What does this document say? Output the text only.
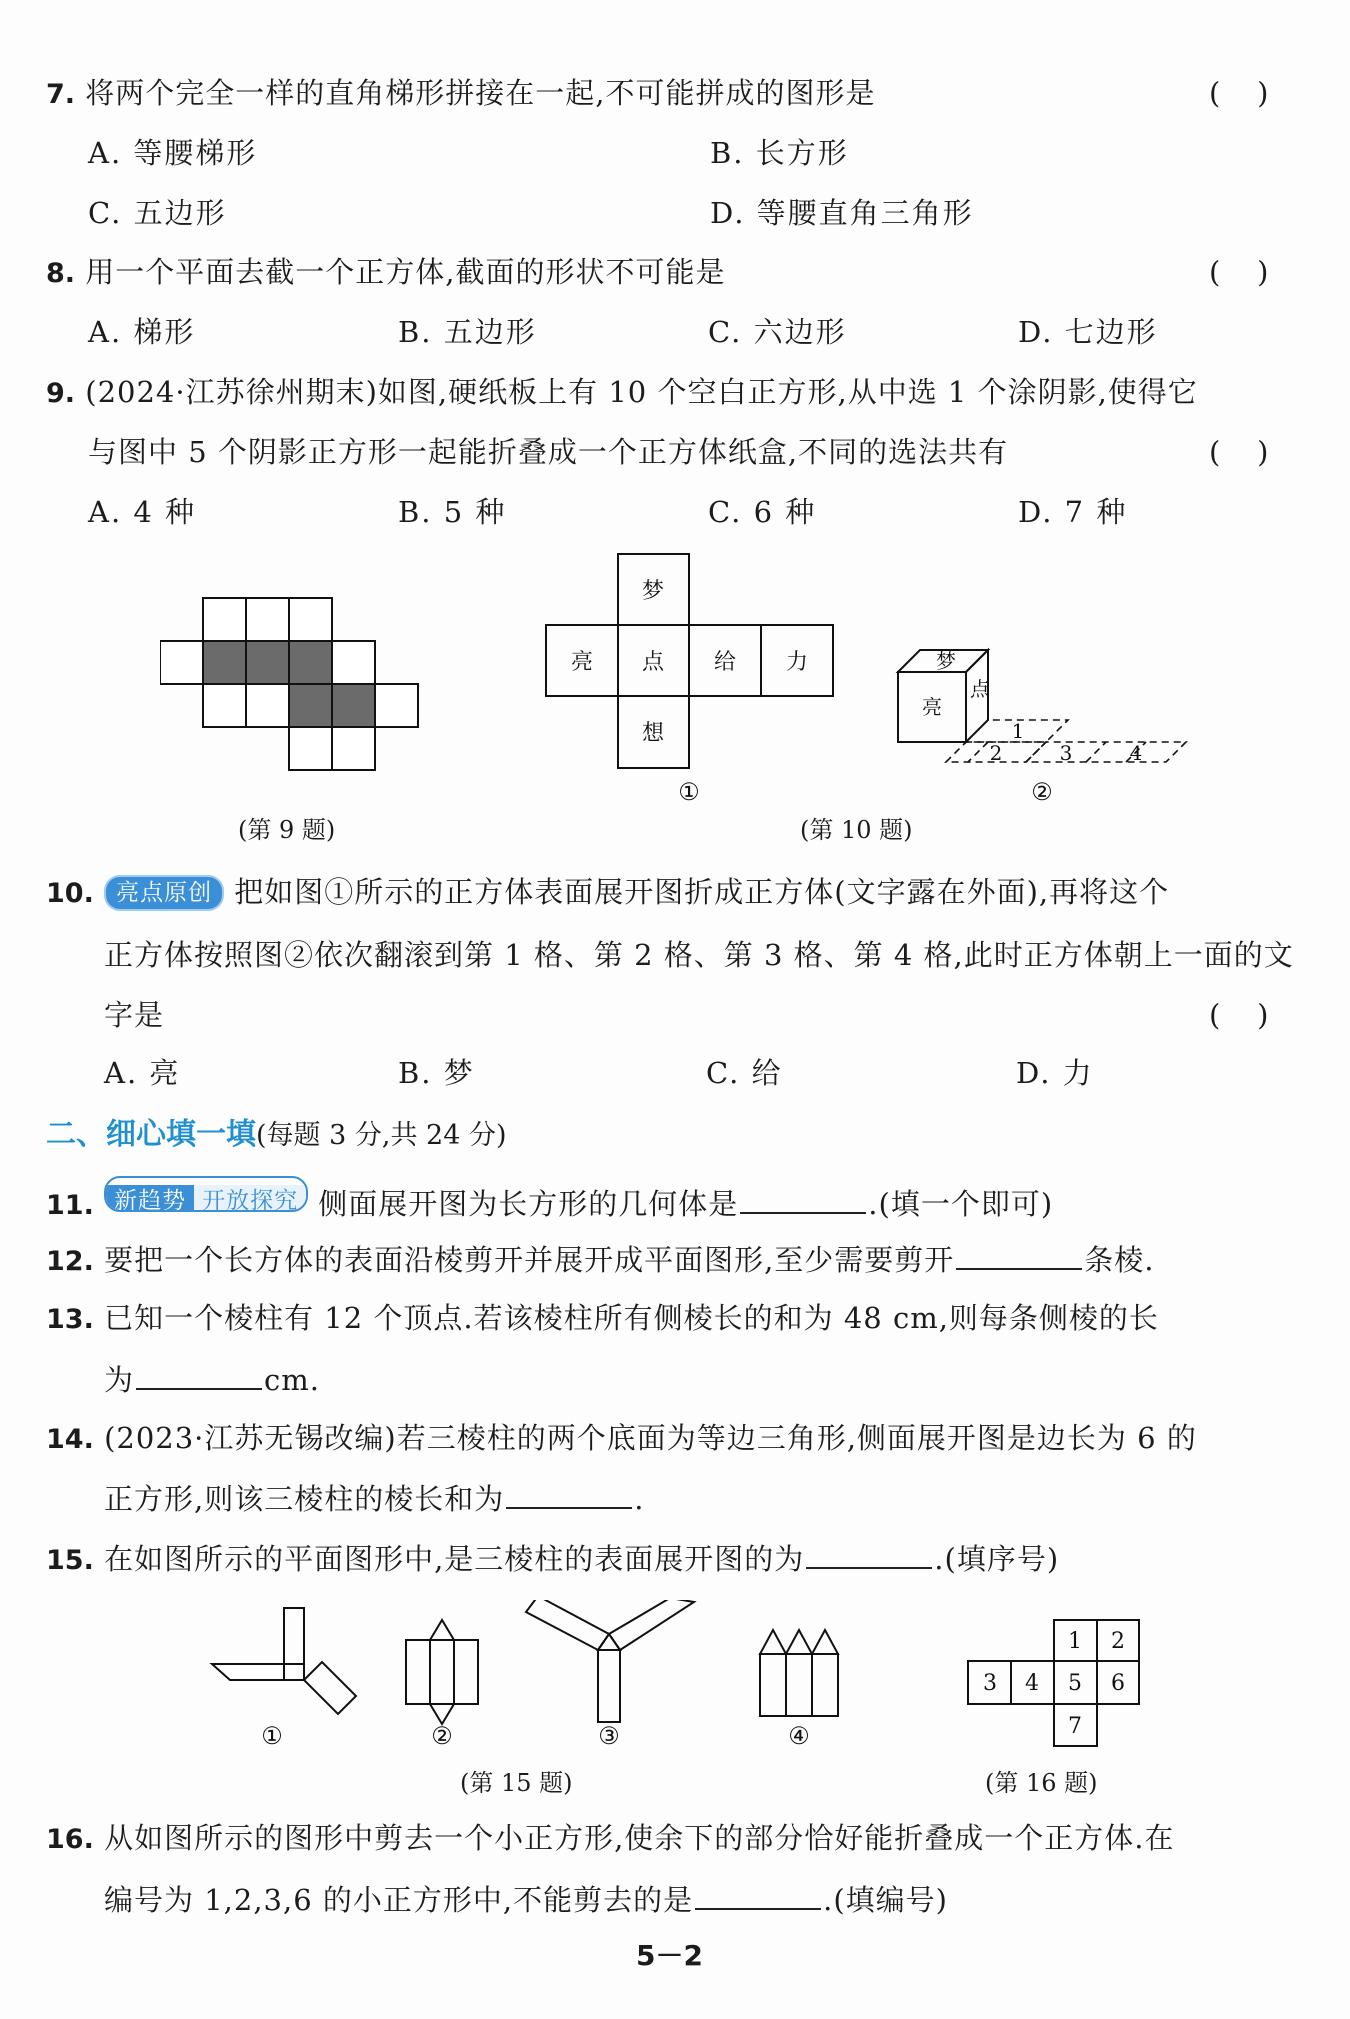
7. 将两个完全一样的直角梯形拼接在一起,不可能拼成的图形是	(    )
A. 等腰梯形	B. 长方形
C. 五边形	D. 等腰直角三角形
8. 用一个平面去截一个正方体,截面的形状不可能是	(    )
A. 梯形	B. 五边形	C. 六边形	D. 七边形
9. (2024·江苏徐州期末)如图,硬纸板上有 10 个空白正方形,从中选 1 个涂阴影,使得它
与图中 5 个阴影正方形一起能折叠成一个正方体纸盒,不同的选法共有	(    )
A. 4 种	B. 5 种	C. 6 种	D. 7 种
(第 9 题)
梦
亮 点 给 力
想
①
梦
亮
点
1
2	3	4
②
(第 10 题)
10. 亮点原创 把如图①所示的正方体表面展开图折成正方体(文字露在外面),再将这个
正方体按照图②依次翻滚到第 1 格、第 2 格、第 3 格、第 4 格,此时正方体朝上一面的文
字是	(    )
A. 亮	B. 梦	C. 给	D. 力
二、细心填一填(每题 3 分,共 24 分)
11. 新趋势 开放探究 侧面展开图为长方形的几何体是	.(填一个即可)
12. 要把一个长方体的表面沿棱剪开并展开成平面图形,至少需要剪开	条棱.
13. 已知一个棱柱有 12 个顶点.若该棱柱所有侧棱长的和为 48 cm,则每条侧棱的长
为	cm.
14. (2023·江苏无锡改编)若三棱柱的两个底面为等边三角形,侧面展开图是边长为 6 的
正方形,则该三棱柱的棱长和为	.
15. 在如图所示的平面图形中,是三棱柱的表面展开图的为	.(填序号)
①	②	③	④
(第 15 题)
1 2
3 4 5 6
7
(第 16 题)
16. 从如图所示的图形中剪去一个小正方形,使余下的部分恰好能折叠成一个正方体.在
编号为 1,2,3,6 的小正方形中,不能剪去的是	.(填编号)
5－2
